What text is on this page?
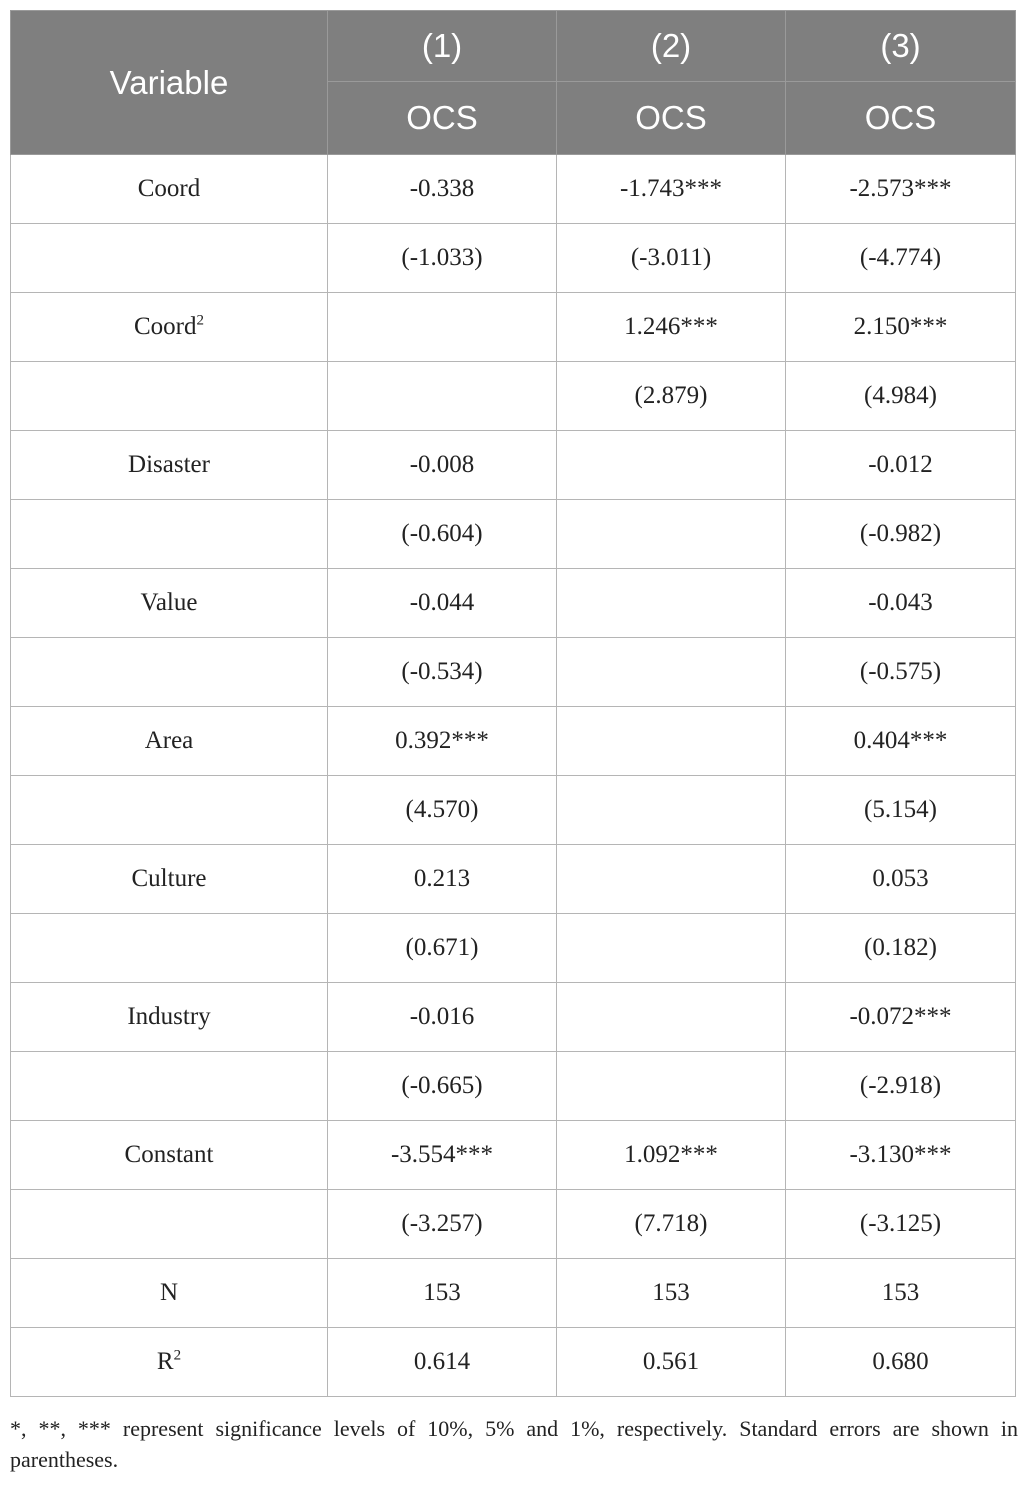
Variable	(1)	(2)	(3)
	OCS	OCS	OCS
Coord	-0.338	-1.743***	-2.573***
	(-1.033)	(-3.011)	(-4.774)
Coord$^2$		1.246***	2.150***
		(2.879)	(4.984)
Disaster	-0.008		-0.012
	(-0.604)		(-0.982)
Value	-0.044		-0.043
	(-0.534)		(-0.575)
Area	0.392***		0.404***
	(4.570)		(5.154)
Culture	0.213		0.053
	(0.671)		(0.182)
Industry	-0.016		-0.072***
	(-0.665)		(-2.918)
Constant	-3.554***	1.092***	-3.130***
	(-3.257)	(7.718)	(-3.125)
N	153	153	153
$R^2$	0.614	0.561	0.680
*, **, *** represent significance levels of 10%, 5% and 1%, respectively. Standard errors are shown in parentheses.
